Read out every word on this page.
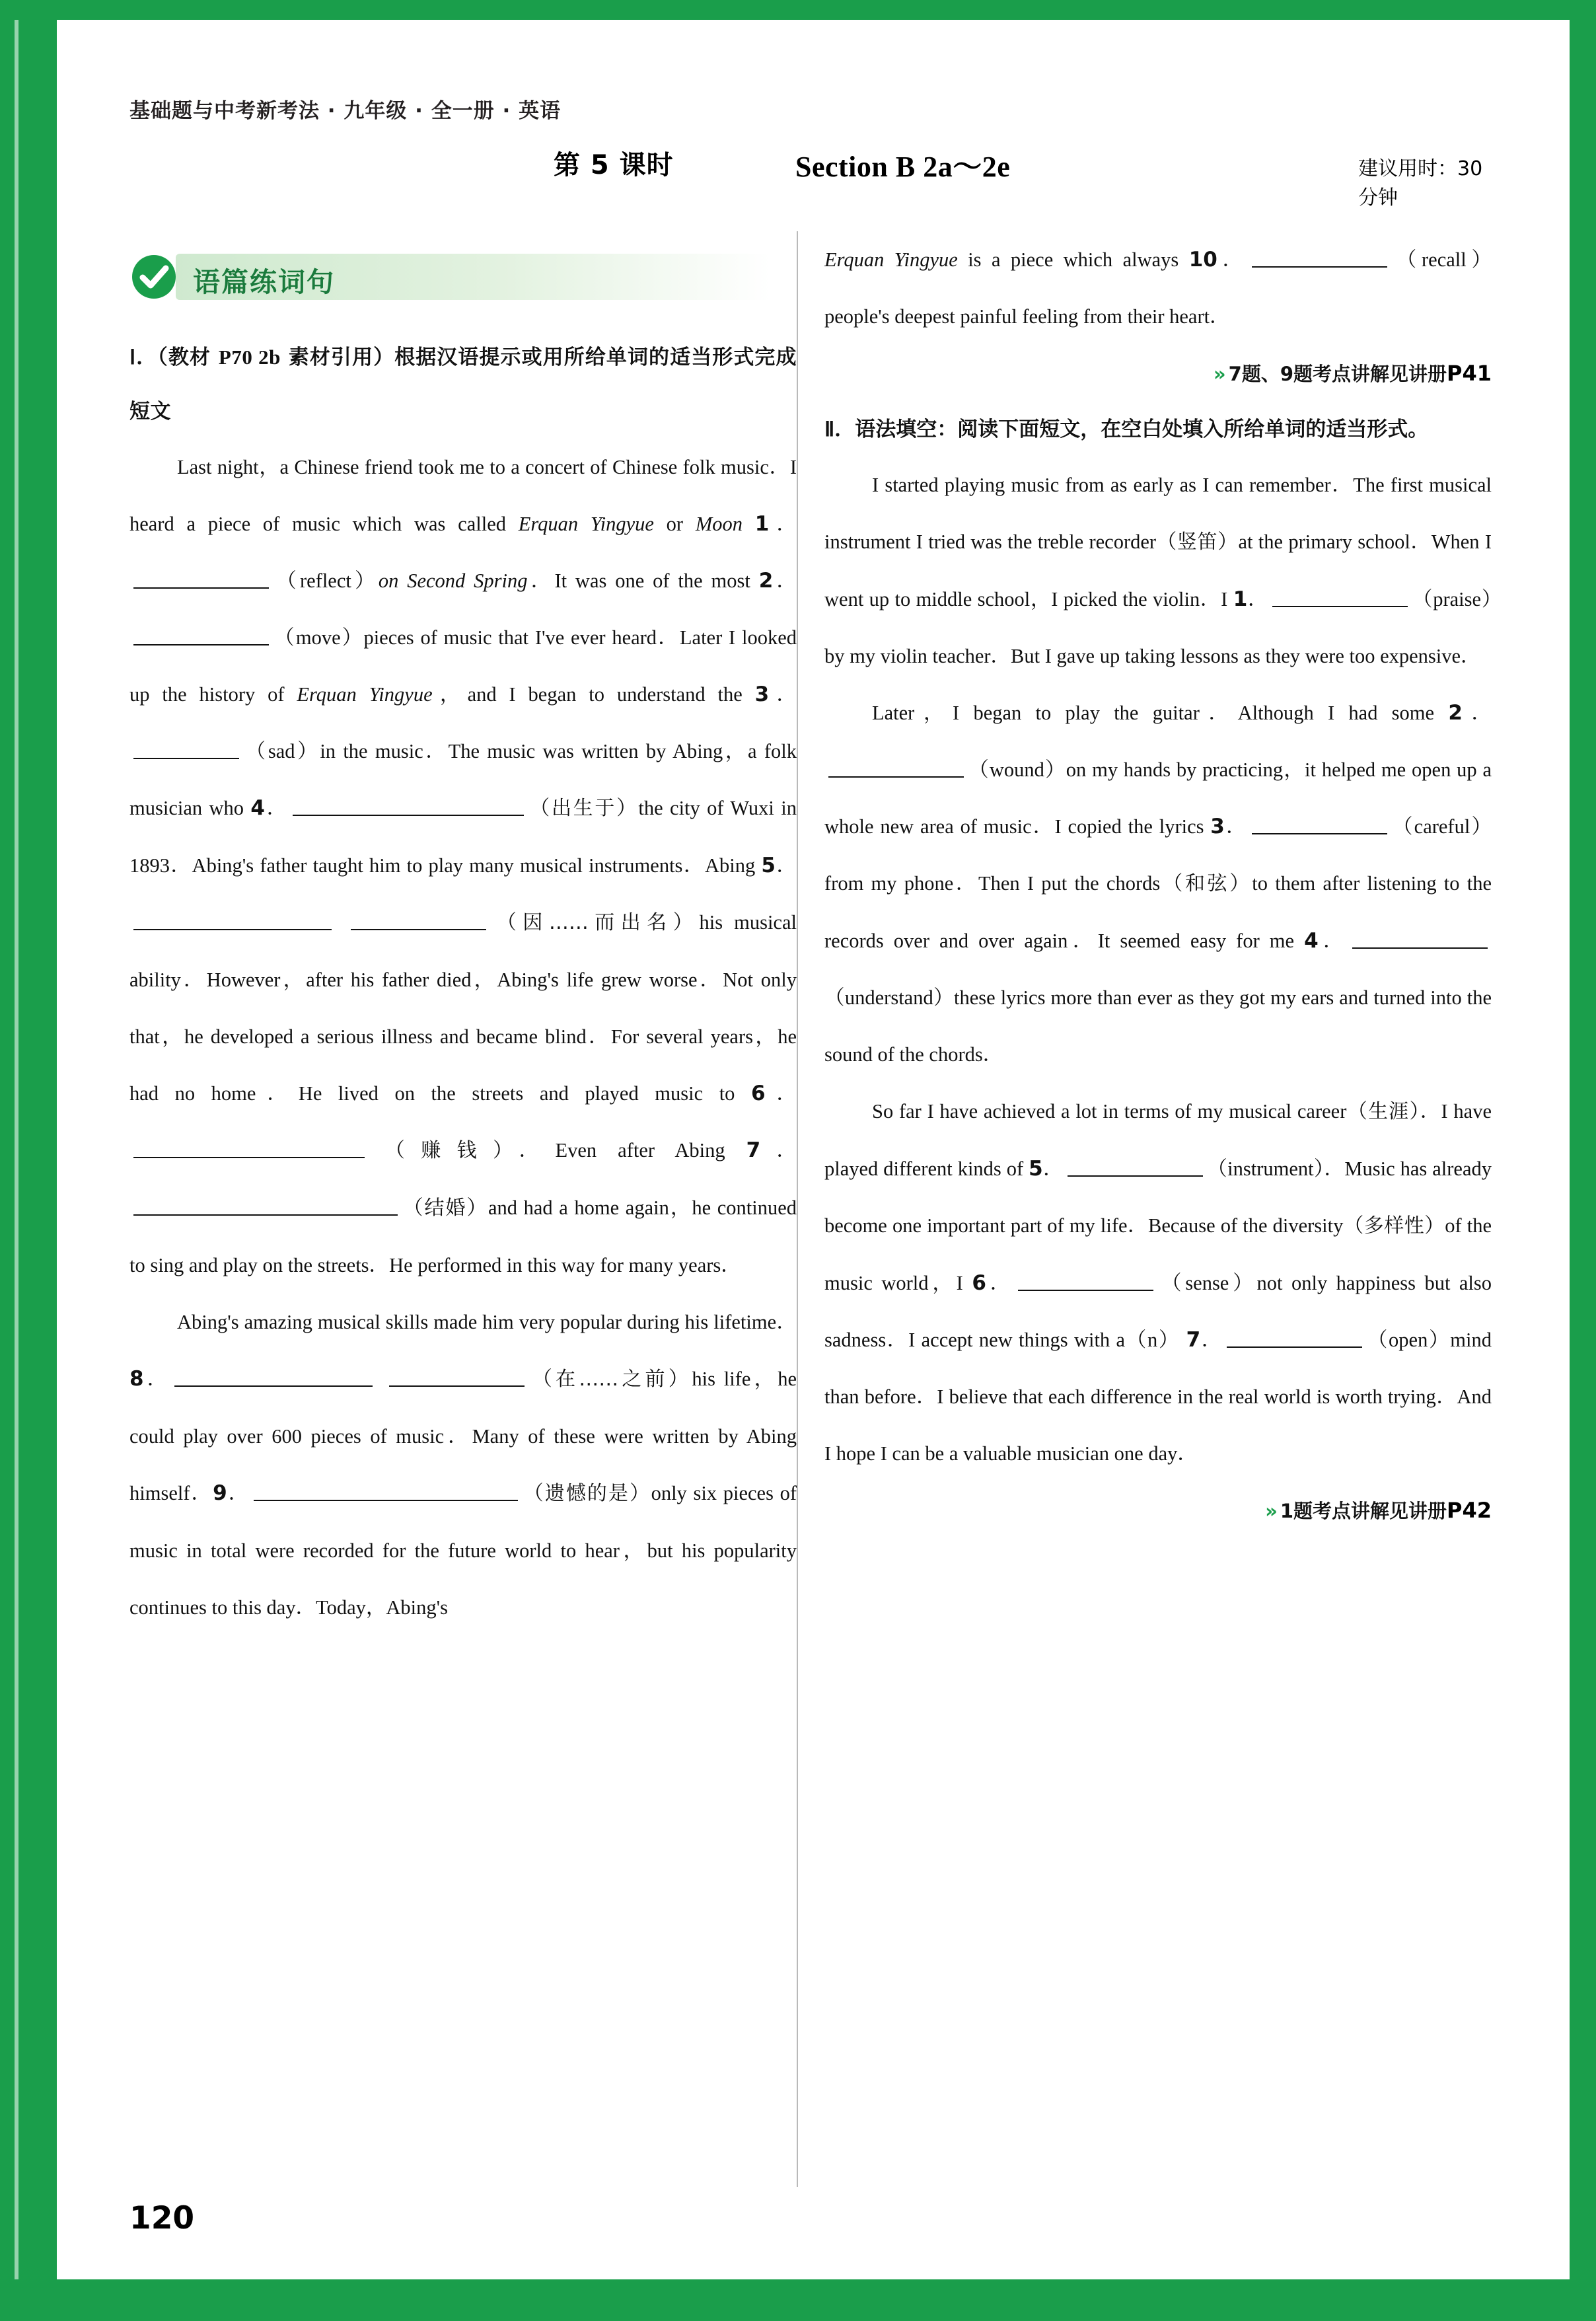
基础题与中考新考法 · 九年级 · 全一册 · 英语
第 5 课时	Section B 2a～2e	建议用时：30 分钟
语篇练词句

Ⅰ．（教材 P70 2b 素材引用）根据汉语提示或用所给单词的适当形式完成短文

Last night，a Chinese friend took me to a concert of Chinese folk music．I heard a piece of music which was called Erquan Yingyue or Moon 1．（reflect）on Second Spring．It was one of the most 2．（move）pieces of music that I've ever heard．Later I looked up the history of Erquan Yingyue，and I began to understand the 3．（sad）in the music．The music was written by Abing，a folk musician who 4．	（出生于）the city of Wuxi in 1893．Abing's father taught him to play many musical instruments．Abing 5． （因……而出名）his musical ability．However，after his father died，Abing's life grew worse．Not only that，he developed a serious illness and became blind．For several years，he had no home．He lived on the streets and played music to 6．（赚钱）．Even after Abing 7．（结婚）and had a home again，he continued to sing and play on the streets．He performed in this way for many years．

Abing's amazing musical skills made him very popular during his lifetime．8．	（在……之前）his life，he could play over 600 pieces of music．Many of these were written by Abing himself．9．	（遗憾的是）only six pieces of music in total were recorded for the future world to hear，but his popularity continues to this day．Today，Abing's

Erquan Yingyue is a piece which always 10．	（recall）people's deepest painful feeling from their heart．

» 7题、9题考点讲解见讲册P41

Ⅱ．语法填空：阅读下面短文，在空白处填入所给单词的适当形式。

I started playing music from as early as I can remember．The first musical instrument I tried was the treble recorder（竖笛）at the primary school．When I went up to middle school，I picked the violin．I 1．	（praise）by my violin teacher．But I gave up taking lessons as they were too expensive．

Later，I began to play the guitar．Although I had some 2．（wound）on my hands by practicing，it helped me open up a whole new area of music．I copied the lyrics 3．	（careful）from my phone．Then I put the chords（和弦）to them after listening to the records over and over again．It seemed easy for me 4．（understand）these lyrics more than ever as they got my ears and turned into the sound of the chords．

So far I have achieved a lot in terms of my musical career（生涯）．I have played different kinds of 5．	（instrument）．Music has already become one important part of my life．Because of the diversity（多样性）of the music world，I 6．	（sense）not only happiness but also sadness．I accept new things with a（n） 7．	（open）mind than before．I believe that each difference in the real world is worth trying．And I hope I can be a valuable musician one day．

» 1题考点讲解见讲册P42

120
